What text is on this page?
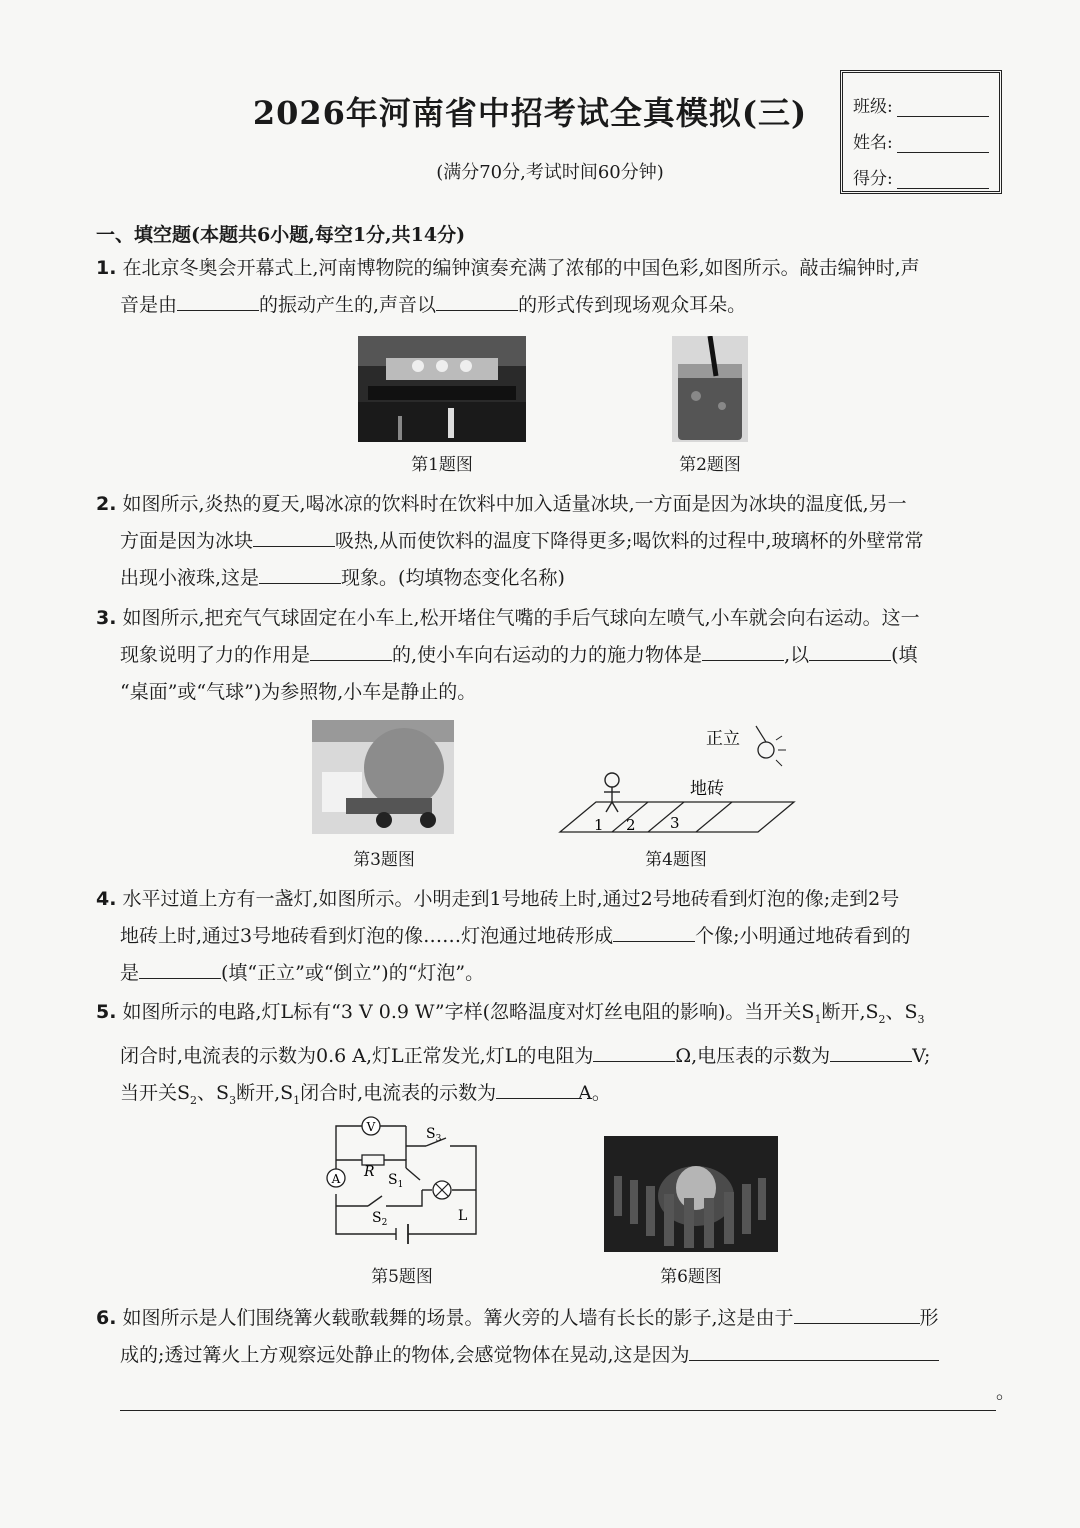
2026年河南省中招考试全真模拟(三)
(满分70分,考试时间60分钟)
班级:
姓名:
得分:
一、填空题(本题共6小题,每空1分,共14分)
1. 在北京冬奥会开幕式上,河南博物院的编钟演奏充满了浓郁的中国色彩,如图所示。敲击编钟时,声
音是由	的振动产生的,声音以	的形式传到现场观众耳朵。
第1题图	第2题图
2. 如图所示,炎热的夏天,喝冰凉的饮料时在饮料中加入适量冰块,一方面是因为冰块的温度低,另一
方面是因为冰块	吸热,从而使饮料的温度下降得更多;喝饮料的过程中,玻璃杯的外壁常常
出现小液珠,这是	现象。(均填物态变化名称)
3. 如图所示,把充气气球固定在小车上,松开堵住气嘴的手后气球向左喷气,小车就会向右运动。这一
现象说明了力的作用是	的,使小车向右运动的力的施力物体是	,以	(填
“桌面”或“气球”)为参照物,小车是静止的。
第3题图
正立
地砖
1 2 3
第4题图
4. 水平过道上方有一盏灯,如图所示。小明走到1号地砖上时,通过2号地砖看到灯泡的像;走到2号
地砖上时,通过3号地砖看到灯泡的像……灯泡通过地砖形成	个像;小明通过地砖看到的
是	(填“正立”或“倒立”)的“灯泡”。
5. 如图所示的电路,灯L标有“3 V 0.9 W”字样(忽略温度对灯丝电阻的影响)。当开关$S_1$断开$,S_2$、$S_3$
闭合时,电流表的示数为0.6 A,灯L正常发光,灯L的电阻为	Ω,电压表的示数为	V;
当开关$S_2$、$S_3$断开$,S_1$闭合时,电流表的示数为	A。
V
A R $S_1$
$S_2$
$S_3$
L
第5题图	第6题图
6. 如图所示是人们围绕篝火载歌载舞的场景。篝火旁的人墙有长长的影子,这是由于	形
成的;透过篝火上方观察远处静止的物体,会感觉物体在晃动,这是因为
。
